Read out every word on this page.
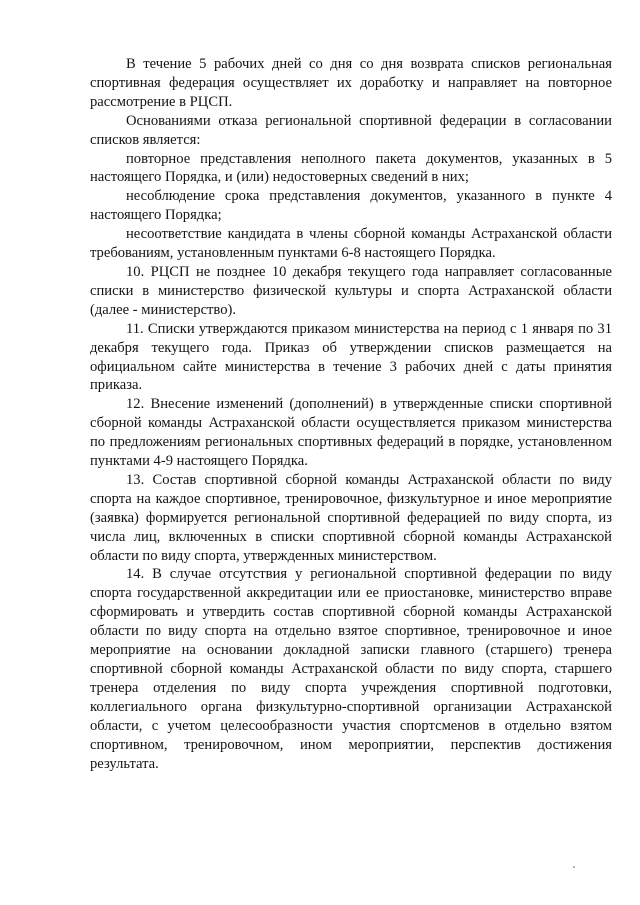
В течение 5 рабочих дней со дня со дня возврата списков региональная спортивная федерация осуществляет их доработку и направляет на повторное рассмотрение в РЦСП.

Основаниями отказа региональной спортивной федерации в согласовании списков является:

повторное представления неполного пакета документов, указанных в 5 настоящего Порядка, и (или) недостоверных сведений в них;

несоблюдение срока представления документов, указанного в пункте 4 настоящего Порядка;

несоответствие кандидата в члены сборной команды Астраханской области требованиям, установленным пунктами 6-8 настоящего Порядка.

10. РЦСП не позднее 10 декабря текущего года направляет согласованные списки в министерство физической культуры и спорта Астраханской области (далее - министерство).

11. Списки утверждаются приказом министерства на период с 1 января по 31 декабря текущего года. Приказ об утверждении списков размещается на официальном сайте министерства в течение 3 рабочих дней с даты принятия приказа.

12. Внесение изменений (дополнений) в утвержденные списки спортивной сборной команды Астраханской области осуществляется приказом министерства по предложениям региональных спортивных федераций в порядке, установленном пунктами 4-9 настоящего Порядка.

13. Состав спортивной сборной команды Астраханской области по виду спорта на каждое спортивное, тренировочное, физкультурное и иное мероприятие (заявка) формируется региональной спортивной федерацией по виду спорта, из числа лиц, включенных в списки спортивной сборной команды Астраханской области по виду спорта, утвержденных министерством.

14. В случае отсутствия у региональной спортивной федерации по виду спорта государственной аккредитации или ее приостановке, министерство вправе сформировать и утвердить состав спортивной сборной команды Астраханской области по виду спорта на отдельно взятое спортивное, тренировочное и иное мероприятие на основании докладной записки главного (старшего) тренера спортивной сборной команды Астраханской области по виду спорта, старшего тренера отделения по виду спорта учреждения спортивной подготовки, коллегиального органа физкультурно-спортивной организации Астраханской области, с учетом целесообразности участия спортсменов в отдельно взятом спортивном, тренировочном, ином мероприятии, перспектив достижения результата.
